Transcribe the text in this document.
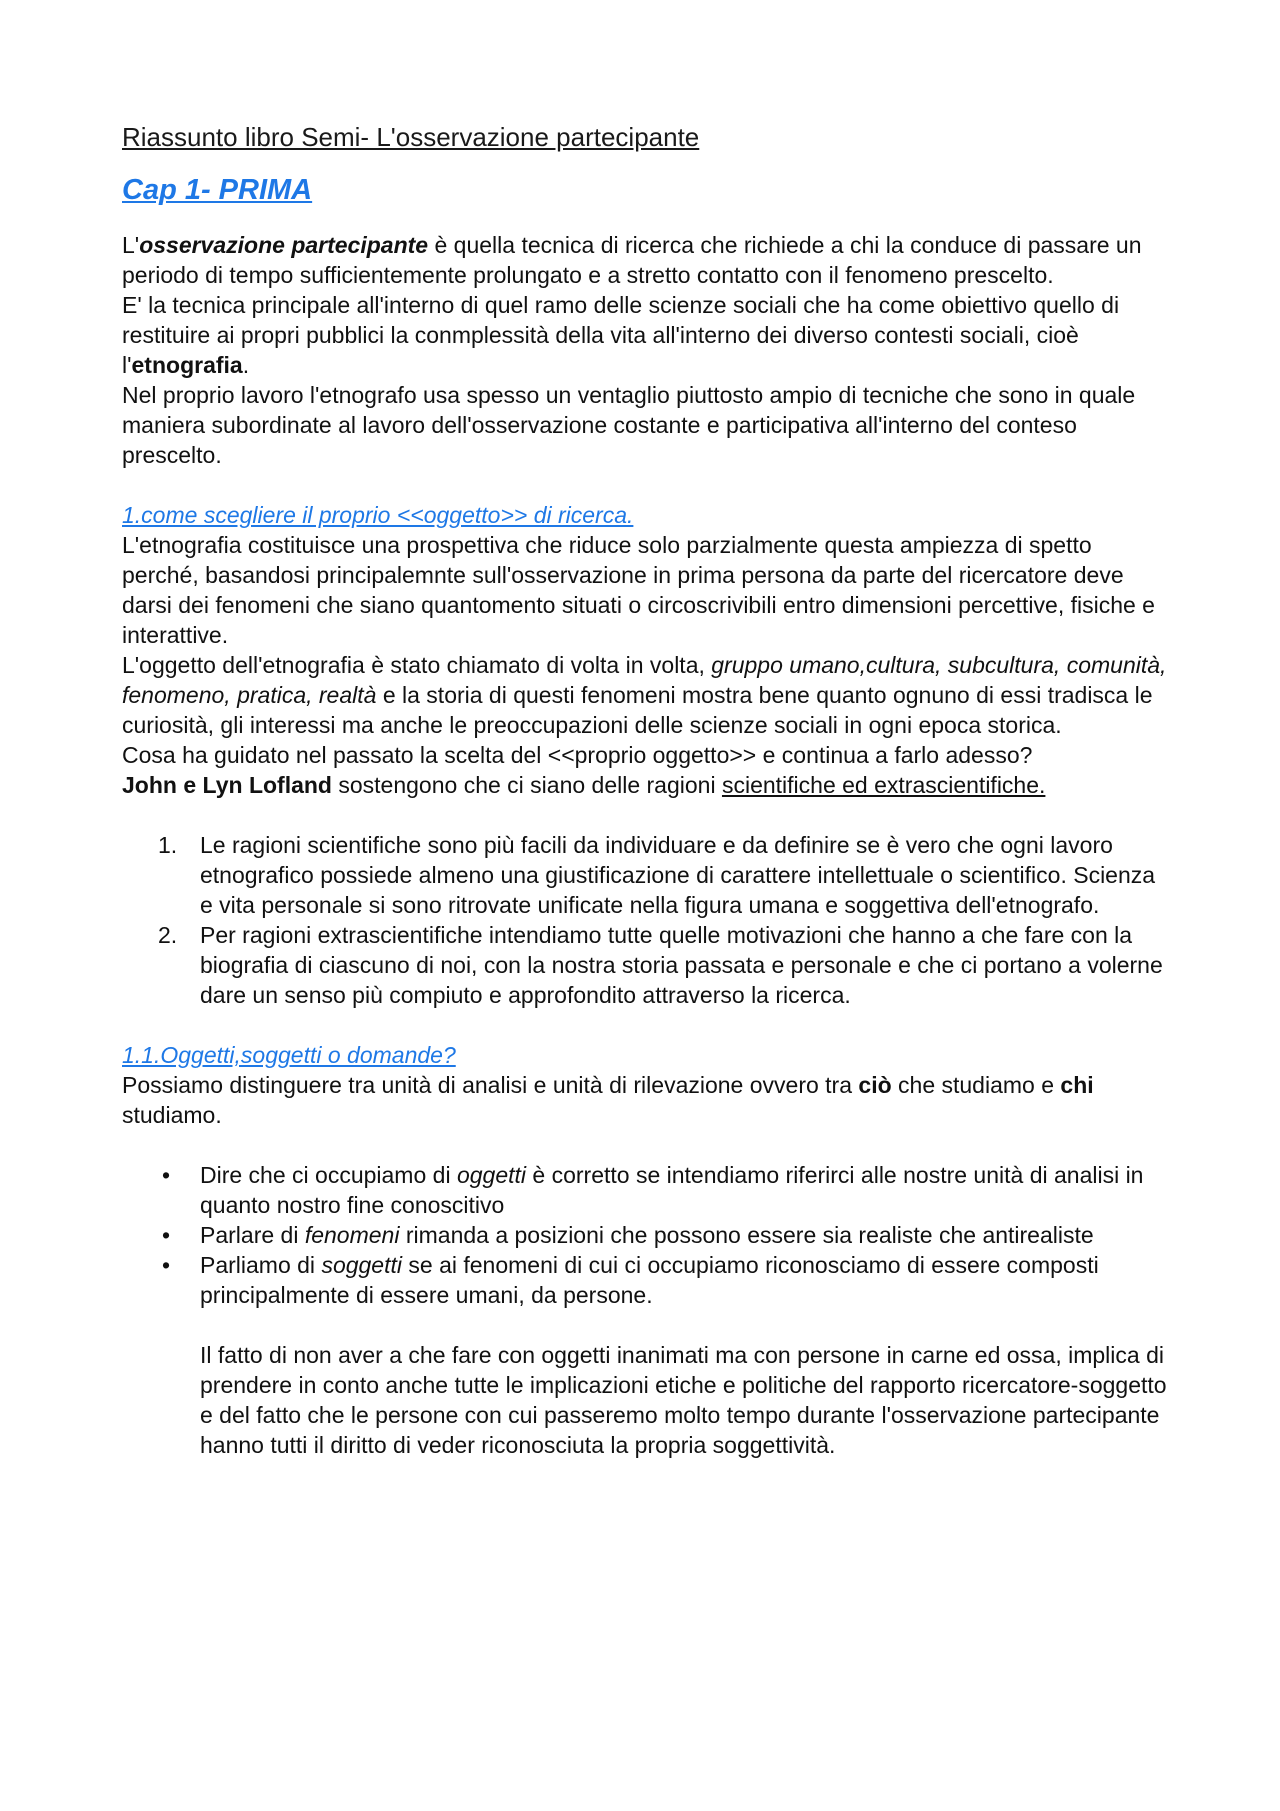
Riassunto libro Semi- L'osservazione partecipante
Cap 1- PRIMA

L'osservazione partecipante è quella tecnica di ricerca che richiede a chi la conduce di passare un periodo di tempo sufficientemente prolungato e a stretto contatto con il fenomeno prescelto.

E' la tecnica principale all'interno di quel ramo delle scienze sociali che ha come obiettivo quello di restituire ai propri pubblici la conmplessità della vita all'interno dei diverso contesti sociali, cioè l'etnografia.

Nel proprio lavoro l'etnografo usa spesso un ventaglio piuttosto ampio di tecniche che sono in quale maniera subordinate al lavoro dell'osservazione costante e participativa all'interno del conteso prescelto.

1.come scegliere il proprio <<oggetto>> di ricerca.

L'etnografia costituisce una prospettiva che riduce solo parzialmente questa ampiezza di spetto perché, basandosi principalemnte sull'osservazione in prima persona da parte del ricercatore deve darsi dei fenomeni che siano quantomento situati o circoscrivibili entro dimensioni percettive, fisiche e interattive.

L'oggetto dell'etnografia è stato chiamato di volta in volta, gruppo umano,cultura, subcultura, comunità, fenomeno, pratica, realtà e la storia di questi fenomeni mostra bene quanto ognuno di essi tradisca le curiosità, gli interessi ma anche le preoccupazioni delle scienze sociali in ogni epoca storica.

Cosa ha guidato nel passato la scelta del <<proprio oggetto>> e continua a farlo adesso?

John e Lyn Lofland sostengono che ci siano delle ragioni scientifiche ed extrascientifiche.

1. Le ragioni scientifiche sono più facili da individuare e da definire se è vero che ogni lavoro etnografico possiede almeno una giustificazione di carattere intellettuale o scientifico. Scienza e vita personale si sono ritrovate unificate nella figura umana e soggettiva dell'etnografo.
2. Per ragioni extrascientifiche intendiamo tutte quelle motivazioni che hanno a che fare con la biografia di ciascuno di noi, con la nostra storia passata e personale e che ci portano a volerne dare un senso più compiuto e approfondito attraverso la ricerca.
1.1.Oggetti,soggetti o domande?

Possiamo distinguere tra unità di analisi e unità di rilevazione ovvero tra ciò che studiamo e chi studiamo.

• Dire che ci occupiamo di oggetti è corretto se intendiamo riferirci alle nostre unità di analisi in quanto nostro fine conoscitivo
• Parlare di fenomeni rimanda a posizioni che possono essere sia realiste che antirealiste
• Parliamo di soggetti se ai fenomeni di cui ci occupiamo riconosciamo di essere composti principalmente di essere umani, da persone.

Il fatto di non aver a che fare con oggetti inanimati ma con persone in carne ed ossa, implica di prendere in conto anche tutte le implicazioni etiche e politiche del rapporto ricercatore-soggetto e del fatto che le persone con cui passeremo molto tempo durante l'osservazione partecipante hanno tutti il diritto di veder riconosciuta la propria soggettività.
